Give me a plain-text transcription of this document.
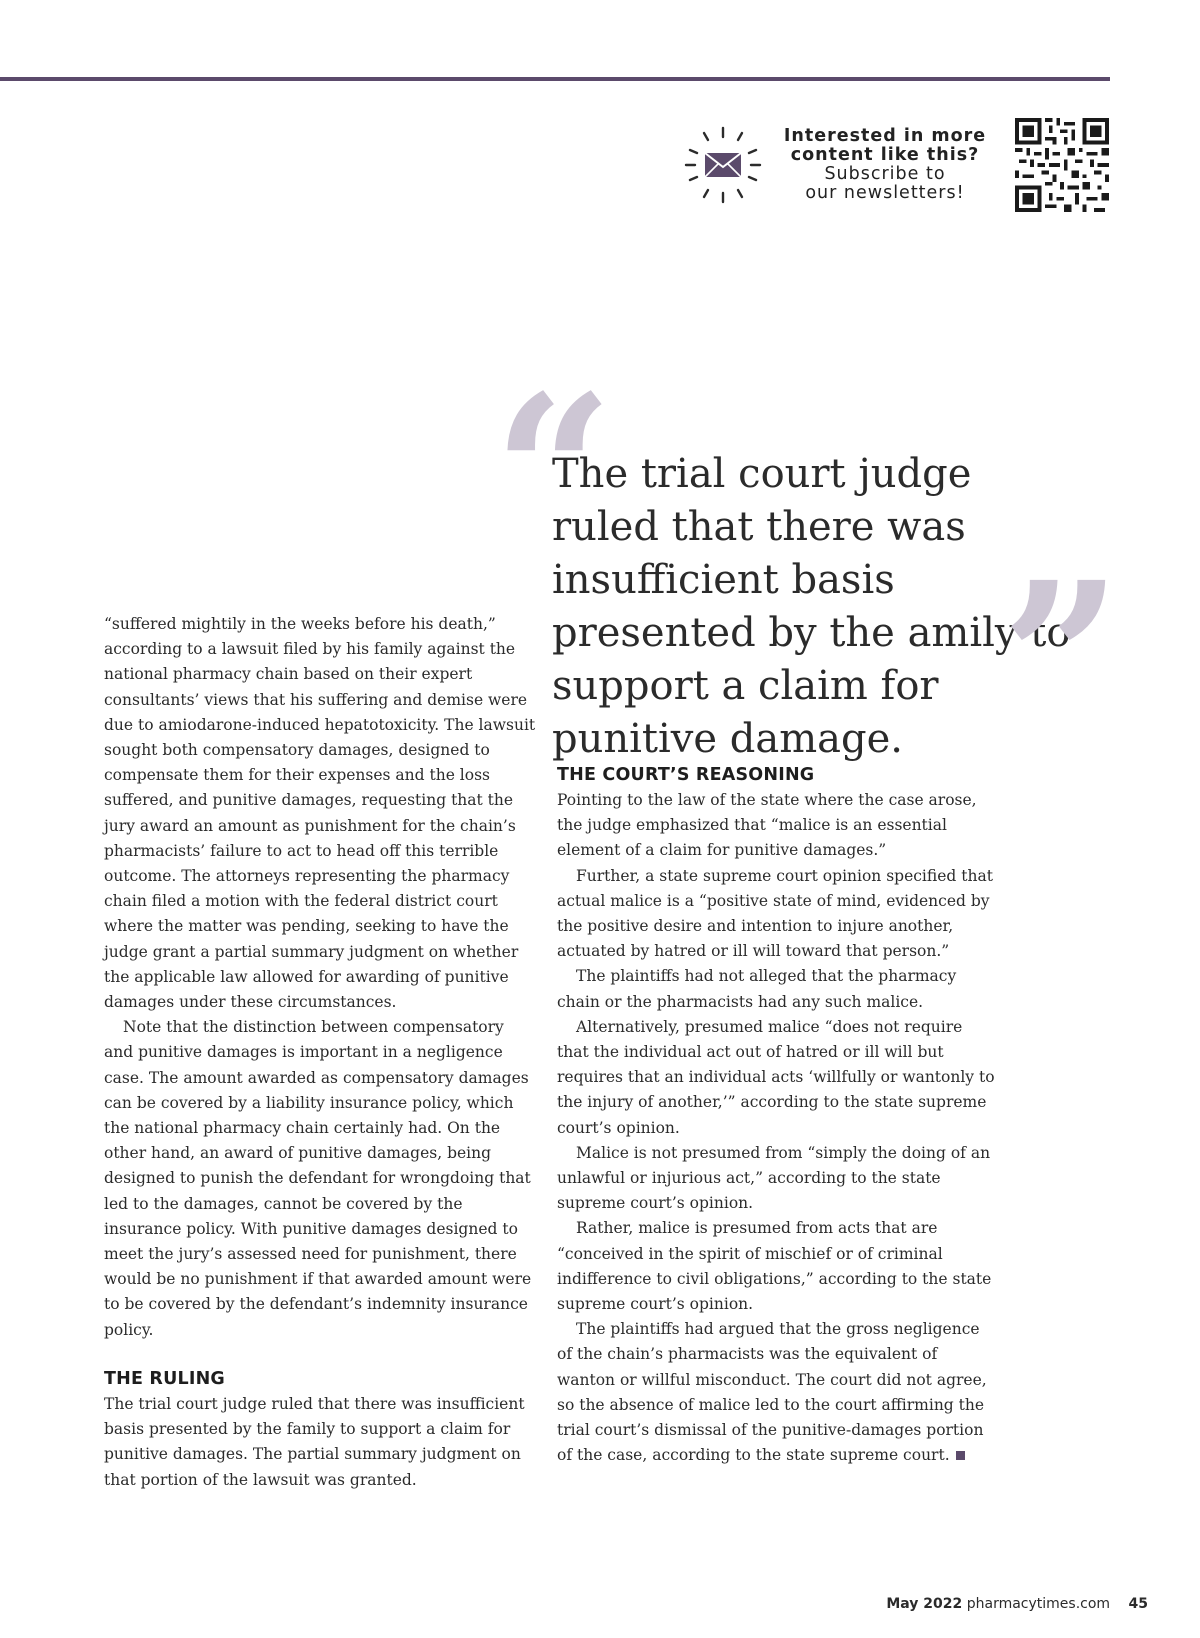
Interested in more
content like this?
Subscribe to
our newsletters!
“

The trial court judge ruled that there was insufficient basis presented by the amily to support a claim for punitive damage. ”

“suffered mightily in the weeks before his death,” according to a lawsuit filed by his family against the national pharmacy chain based on their expert consultants’ views that his suffering and demise were due to amiodarone-induced hepatotoxicity. The lawsuit sought both compensatory damages, designed to compensate them for their expenses and the loss suffered, and punitive damages, requesting that the jury award an amount as punishment for the chain’s pharmacists’ failure to act to head off this terrible outcome. The attorneys representing the pharmacy chain filed a motion with the federal district court where the matter was pending, seeking to have the judge grant a partial summary judgment on whether the applicable law allowed for awarding of punitive damages under these circumstances.

Note that the distinction between compensatory and punitive damages is important in a negligence case. The amount awarded as compensatory damages can be covered by a liability insurance policy, which the national pharmacy chain certainly had. On the other hand, an award of punitive damages, being designed to punish the defendant for wrongdoing that led to the damages, cannot be covered by the insurance policy. With punitive damages designed to meet the jury’s assessed need for punishment, there would be no punishment if that awarded amount were to be covered by the defendant’s indemnity insurance policy.

THE RULING

The trial court judge ruled that there was insufficient basis presented by the family to support a claim for punitive damages. The partial summary judgment on that portion of the lawsuit was granted.

THE COURT’S REASONING

Pointing to the law of the state where the case arose, the judge emphasized that “malice is an essential element of a claim for punitive damages.”

Further, a state supreme court opinion specified that actual malice is a “positive state of mind, evidenced by the positive desire and intention to injure another, actuated by hatred or ill will toward that person.”

The plaintiffs had not alleged that the pharmacy chain or the pharmacists had any such malice.

Alternatively, presumed malice “does not require that the individual act out of hatred or ill will but requires that an individual acts ‘willfully or wantonly to the injury of another,’” according to the state supreme court’s opinion.

Malice is not presumed from “simply the doing of an unlawful or injurious act,” according to the state supreme court’s opinion.

Rather, malice is presumed from acts that are “conceived in the spirit of mischief or of criminal indifference to civil obligations,” according to the state supreme court’s opinion.

The plaintiffs had argued that the gross negligence of the chain’s pharmacists was the equivalent of wanton or willful misconduct. The court did not agree, so the absence of malice led to the court affirming the trial court’s dismissal of the punitive-damages portion of the case, according to the state supreme court.

May 2022 pharmacytimes.com 45
